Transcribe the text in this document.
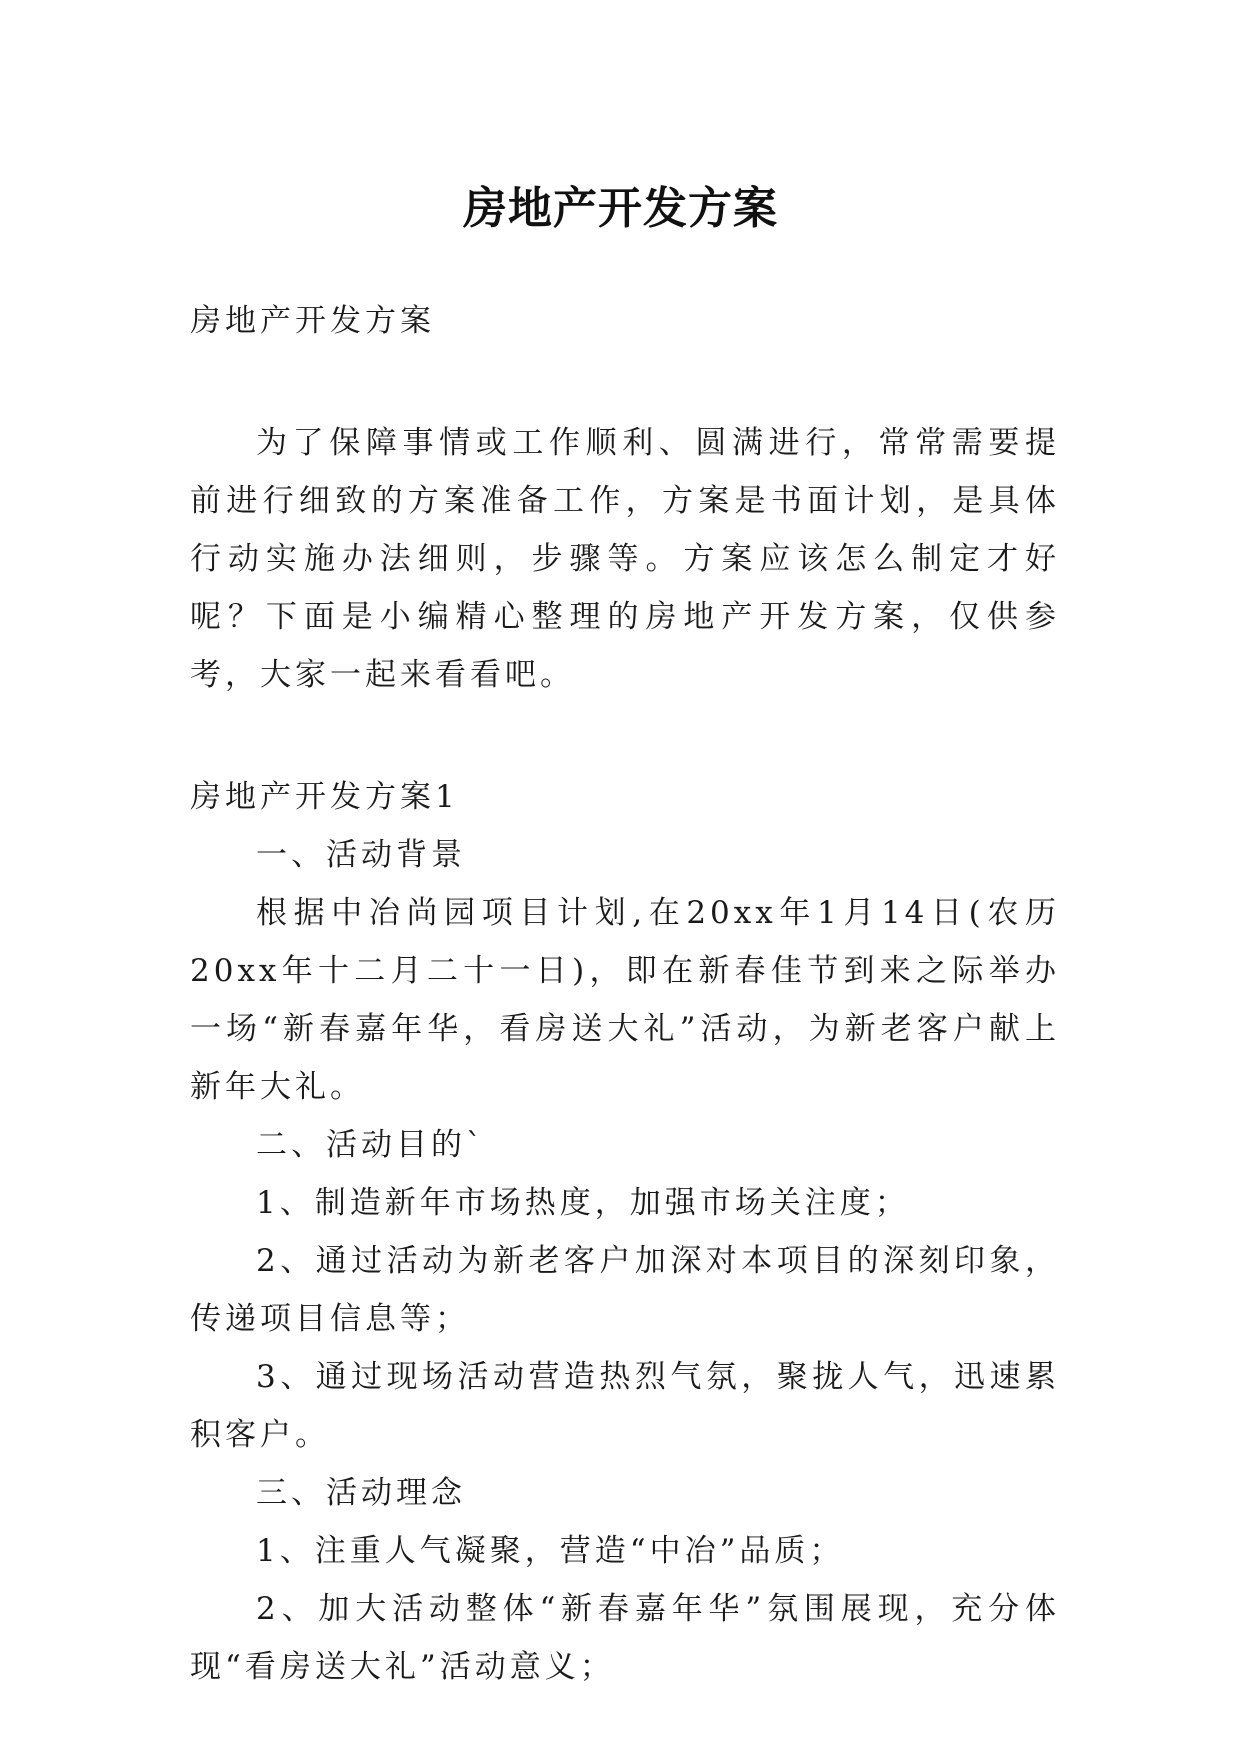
房地产开发方案

房地产开发方案

为了保障事情或工作顺利、圆满进行，常常需要提前进行细致的方案准备工作，方案是书面计划，是具体行动实施办法细则，步骤等。方案应该怎么制定才好呢？下面是小编精心整理的房地产开发方案，仅供参考，大家一起来看看吧。

房地产开发方案1

一、活动背景

根据中冶尚园项目计划,在20xx年1月14日(农历20xx年十二月二十一日)，即在新春佳节到来之际举办一场“新春嘉年华，看房送大礼”活动，为新老客户献上新年大礼。

二、活动目的`

1、制造新年市场热度，加强市场关注度；

2、通过活动为新老客户加深对本项目的深刻印象，传递项目信息等；

3、通过现场活动营造热烈气氛，聚拢人气，迅速累积客户。

三、活动理念

1、注重人气凝聚，营造“中冶”品质；

2、加大活动整体“新春嘉年华”氛围展现，充分体现“看房送大礼”活动意义；
